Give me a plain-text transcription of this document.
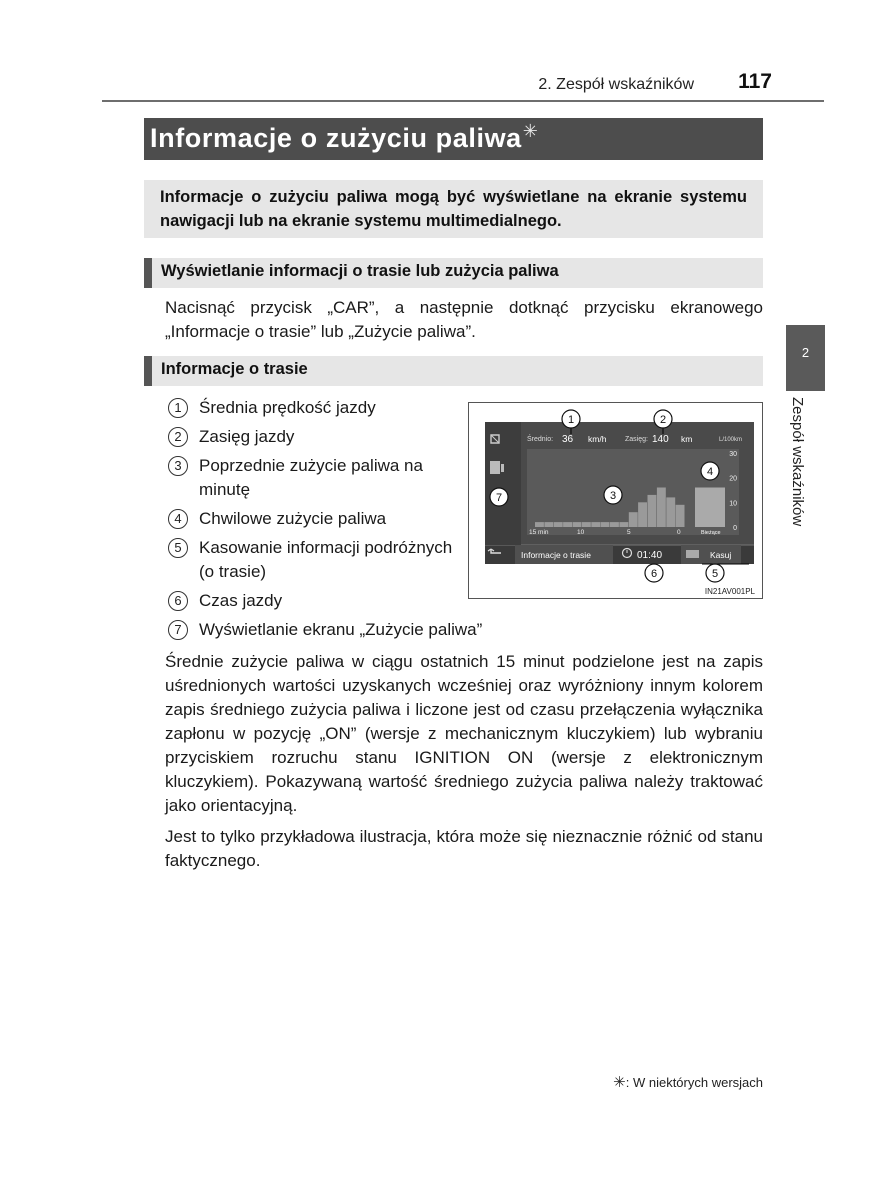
2. Zespół wskaźników 117
Informacje o zużyciu paliwa✳

Informacje o zużyciu paliwa mogą być wyświetlane na ekranie systemu nawigacji lub na ekranie systemu multimedialnego.

Wyświetlanie informacji o trasie lub zużycia paliwa

Nacisnąć przycisk „CAR”, a następnie dotknąć przycisku ekranowego „Informacje o trasie” lub „Zużycie paliwa”.

Informacje o trasie
1	Średnia prędkość jazdy
2	Zasięg jazdy
3	Poprzednie zużycie paliwa na minutę
4	Chwilowe zużycie paliwa
5	Kasowanie informacji podróżnych (o trasie)
6	Czas jazdy
7	Wyświetlanie ekranu „Zużycie paliwa”
Średnio: 36 km/h	Zasięg: 140 km	L/100km
30
20
10
0
15 min	10	5	0	Bieżące
Informacje o trasie	01:40	Kasuj
1	2
3
4
5
6
7
IN21AV001PL

Średnie zużycie paliwa w ciągu ostatnich 15 minut podzielone jest na zapis uśrednionych wartości uzyskanych wcześniej oraz wyróżniony innym kolorem zapis średniego zużycia paliwa i liczone jest od czasu przełączenia wyłącznika zapłonu w pozycję „ON” (wersje z mechanicznym kluczykiem) lub wybraniu przyciskiem rozruchu stanu IGNITION ON (wersje z elektronicznym kluczykiem). Pokazywaną wartość średniego zużycia paliwa należy traktować jako orientacyjną.

Jest to tylko przykładowa ilustracja, która może się nieznacznie różnić od stanu faktycznego.

2
Zespół wskaźników
✳: W niektórych wersjach
